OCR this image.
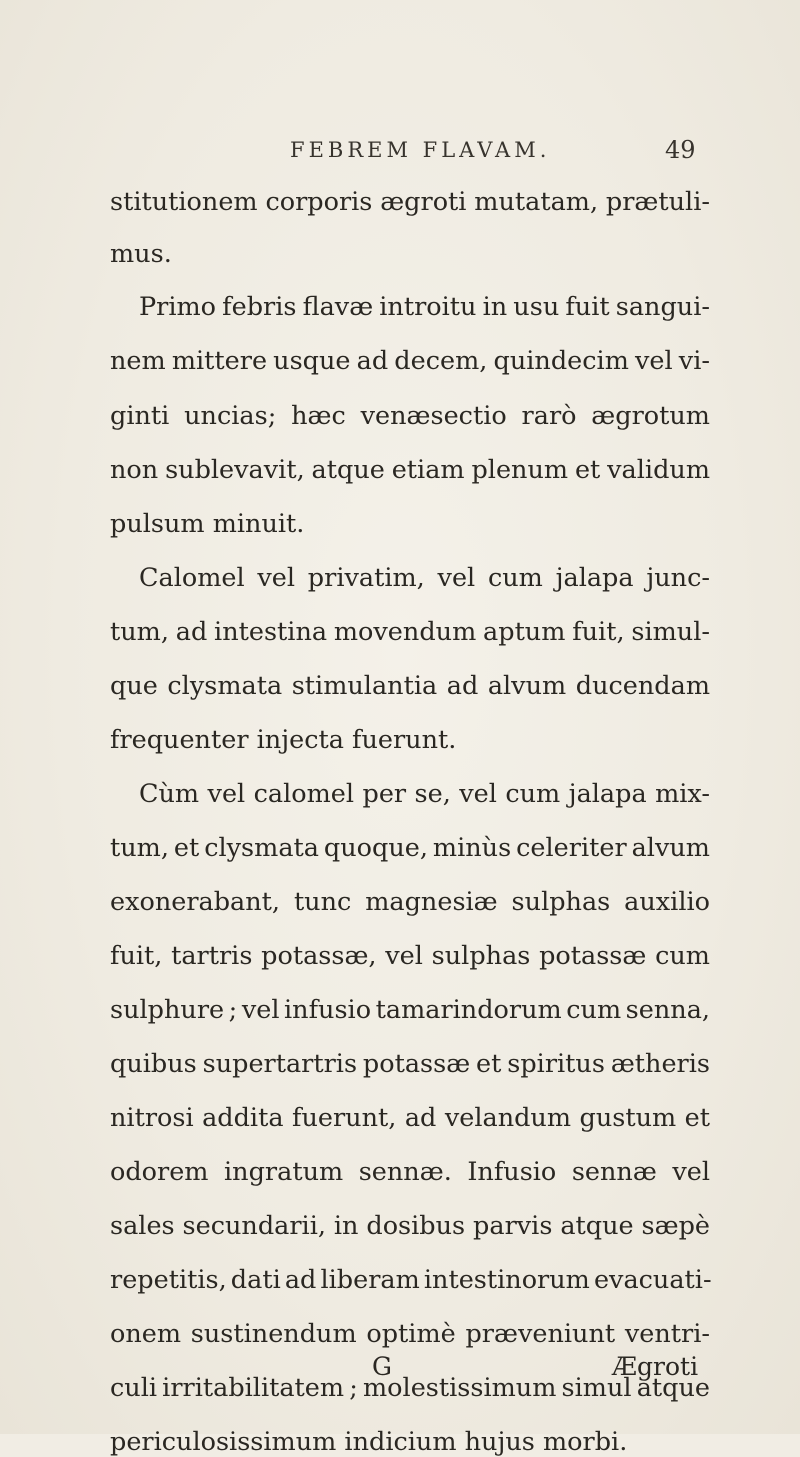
FEBREM FLAVAM.	49
stitutionem corporis ægroti mutatam, prætuli-
mus.
Primo febris flavæ introitu in usu fuit sangui-
nem mittere usque ad decem, quindecim vel vi-
ginti uncias; hæc venæsectio rarò ægrotum
non sublevavit, atque etiam plenum et validum
pulsum minuit.
Calomel vel privatim, vel cum jalapa junc-
tum, ad intestina movendum aptum fuit, simul-
que clysmata stimulantia ad alvum ducendam
frequenter injecta fuerunt.
Cùm vel calomel per se, vel cum jalapa mix-
tum, et clysmata quoque, minùs celeriter alvum
exonerabant, tunc magnesiæ sulphas auxilio
fuit, tartris potassæ, vel sulphas potassæ cum
sulphure ; vel infusio tamarindorum cum senna,
quibus supertartris potassæ et spiritus ætheris
nitrosi addita fuerunt, ad velandum gustum et
odorem ingratum sennæ. Infusio sennæ vel
sales secundarii, in dosibus parvis atque sæpè
repetitis, dati ad liberam intestinorum evacuati-
onem sustinendum optimè præveniunt ventri-
culi irritabilitatem ; molestissimum simul atque
periculosissimum indicium hujus morbi.
G	Ægroti
